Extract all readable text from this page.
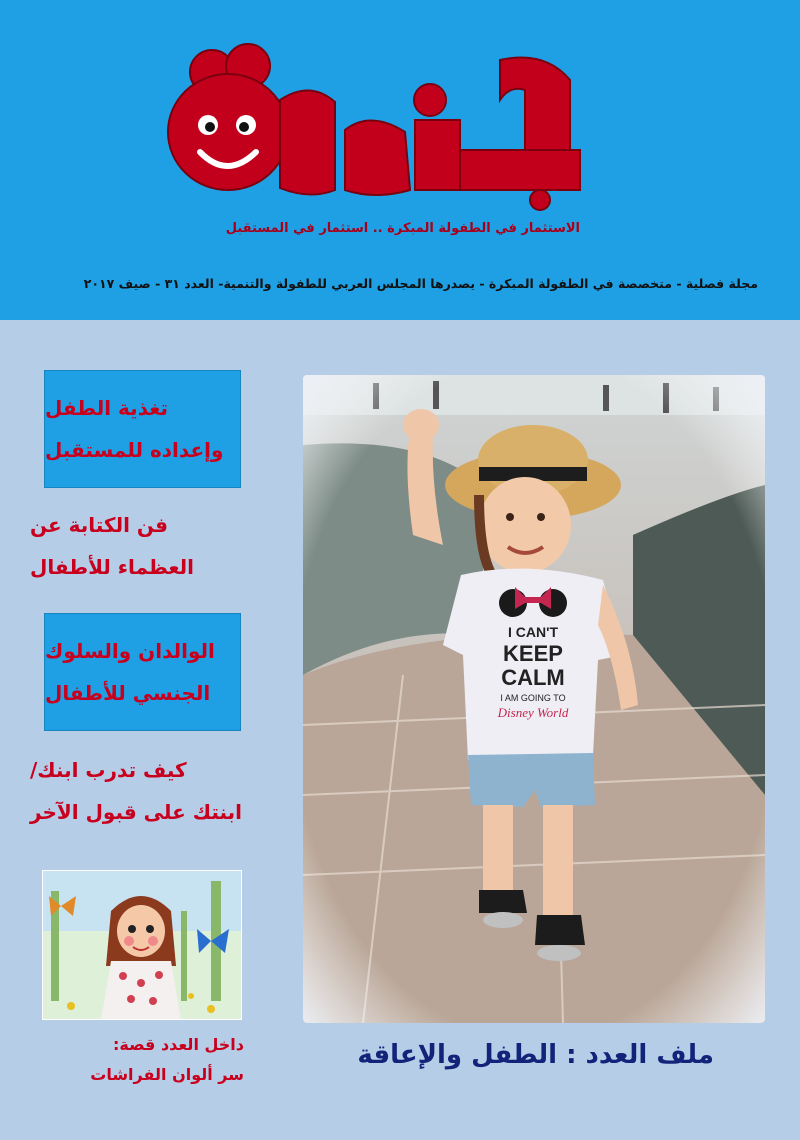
الاستثمار في الطفولة المبكرة .. استثمار في المستقبل
مجلة فصلية - متخصصة في الطفولة المبكرة - يصدرها المجلس العربي للطفولة والتنمية- العدد ٣١ - صيف ٢٠١٧
تغذية الطفل
وإعداده للمستقبل
فن الكتابة عن
العظماء للأطفال
الوالدان والسلوك
الجنسي للأطفال
كيف تدرب ابنك/
ابنتك على قبول الآخر
داخل العدد قصة:
سر ألوان الفراشات
ملف العدد : الطفل والإعاقة
